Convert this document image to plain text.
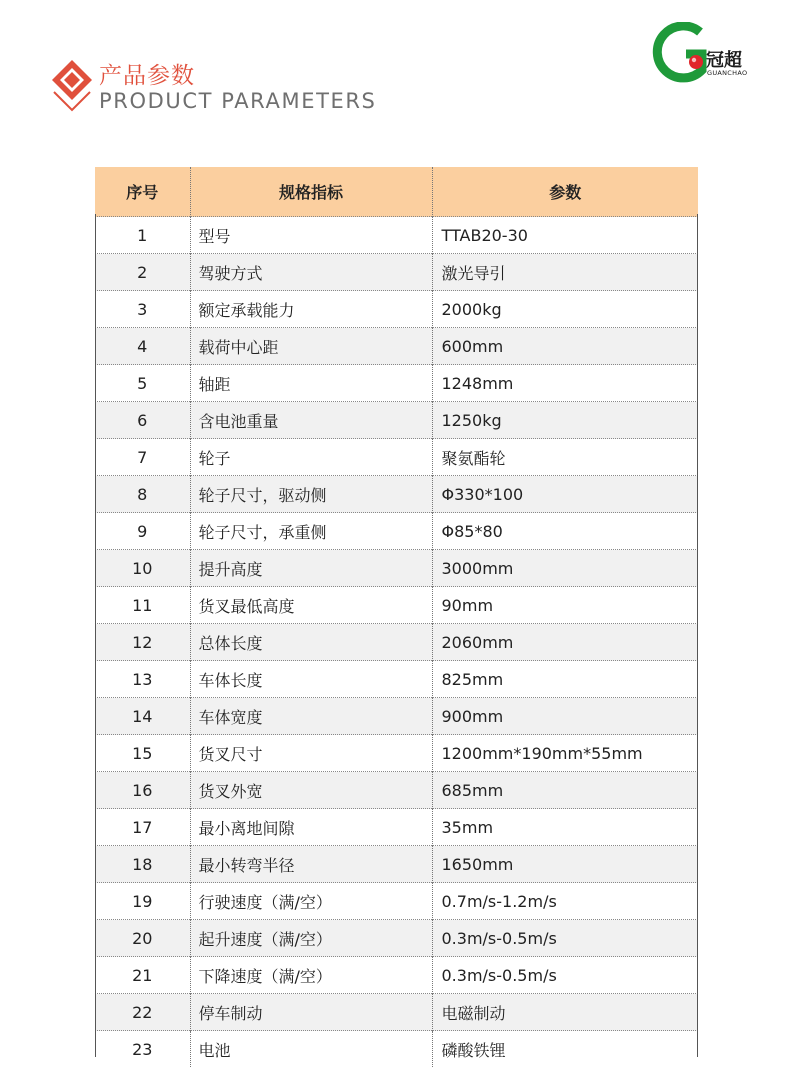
产品参数
PRODUCT PARAMETERS
冠超
GUANCHAO
序号	规格指标	参数
1	型号	TTAB20-30
2	驾驶方式	激光导引
3	额定承载能力	2000kg
4	载荷中心距	600mm
5	轴距	1248mm
6	含电池重量	1250kg
7	轮子	聚氨酯轮
8	轮子尺寸，驱动侧	Φ330*100
9	轮子尺寸，承重侧	Φ85*80
10	提升高度	3000mm
11	货叉最低高度	90mm
12	总体长度	2060mm
13	车体长度	825mm
14	车体宽度	900mm
15	货叉尺寸	1200mm*190mm*55mm
16	货叉外宽	685mm
17	最小离地间隙	35mm
18	最小转弯半径	1650mm
19	行驶速度（满/空）	0.7m/s-1.2m/s
20	起升速度（满/空）	0.3m/s-0.5m/s
21	下降速度（满/空）	0.3m/s-0.5m/s
22	停车制动	电磁制动
23	电池	磷酸铁锂
